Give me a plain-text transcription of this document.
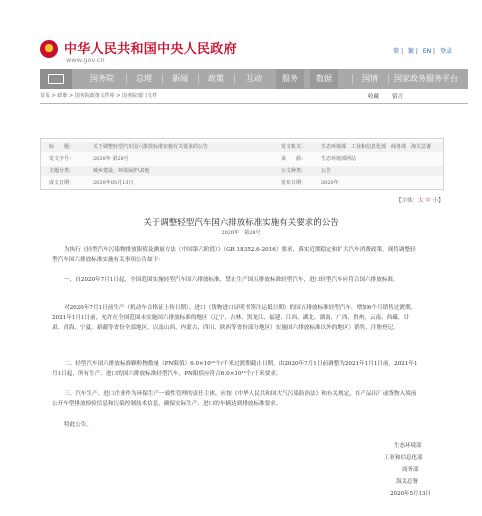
中华人民共和国中央人民政府
www.gov.cn
简 | 繁 | EN | 登录
国务院	总理	新闻	政策	互动	服务	数据	国情 国家政务服务平台
首页 > 政策 > 国务院政策文件库 > 国务院部门文件	收藏 留言
标　　题：	关于调整轻型汽车国六排放标准实施有关要求的公告	发文机关：	生态环境部　工业和信息化部　商务部　海关总署
发文字号：	2020年 第28号	来　　源：	生态环境部网站
主题分类：	城乡建设、环境保护\其他	公文种类：	公告
成文日期：	2020年05月13日	发布日期：	2020年
【字体：大 中 小】
关于调整轻型汽车国六排放标准实施有关要求的公告
2020年　第28号
为执行《轻型汽车污染物排放限值及测量方法（中国第六阶段）》（GB 18352.6-2016）要求，落实近期稳定和扩大汽车消费政策，现将调整轻型汽车国六排放标准实施有关事项公告如下：
一、自2020年7月1日起，全国范围实施轻型汽车国六排放标准，禁止生产国五排放标准轻型汽车，进口轻型汽车应符合国六排放标准。
对2020年7月1日前生产（机动车合格证上传日期）、进口（货物进口证明书签注运抵日期）的国五排放标准轻型汽车，增加6个月销售过渡期，2021年1月1日前，允许在全国范围未实施国六排放标准的地区（辽宁、吉林、黑龙江、福建、江西、湖北、湖南、广西、贵州、云南、西藏、甘肃、青海、宁夏、新疆等省份全部地区，以及山西、内蒙古、四川、陕西等省份部分地区）实施国六排放标准以外的地区）销售、注册登记。
二、轻型汽车国六排放标准颗粒物数量（PN限值）6.0×10¹²个/千米过渡期截止日期，由2020年7月1日前调整为2021年1月1日前。2021年1月1日起，所有生产、进口的国六排放标准轻型汽车，PN限值应符合6.0×10¹¹个/千米要求。
三、汽车生产、进口企业作为环保生产一致性管理的责任主体，应按《中华人民共和国大气污染防治法》和有关规定，在产品出厂或货物入境前公开车型排放检验信息和污染控制技术信息，确保实际生产、进口的车辆达到排放标准要求。
特此公告。
生态环境部
工业和信息化部
商务部
海关总署
2020年5月13日
